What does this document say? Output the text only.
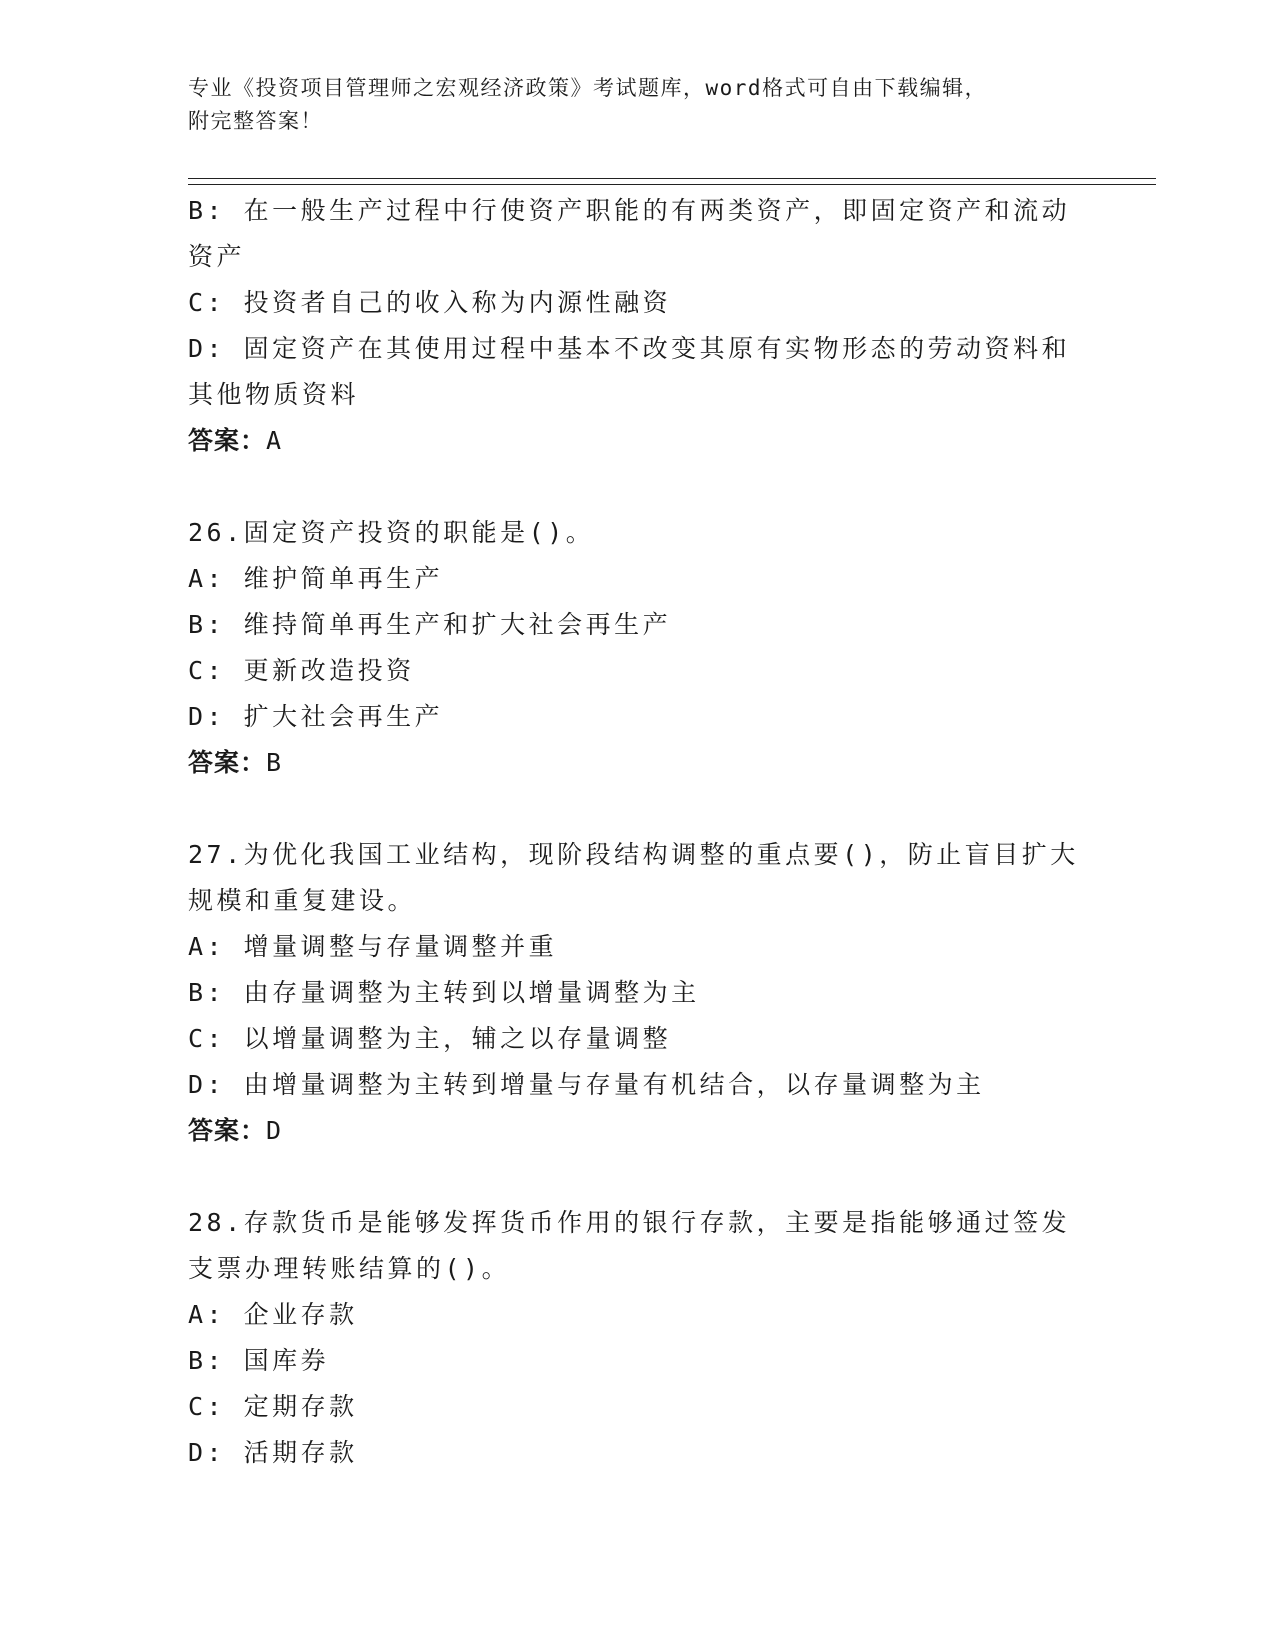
专业《投资项目管理师之宏观经济政策》考试题库，word格式可自由下载编辑，
附完整答案！
B: 在一般生产过程中行使资产职能的有两类资产，即固定资产和流动资产
C: 投资者自己的收入称为内源性融资
D: 固定资产在其使用过程中基本不改变其原有实物形态的劳动资料和其他物质资料
答案：A
26.固定资产投资的职能是()。
A: 维护简单再生产
B: 维持简单再生产和扩大社会再生产
C: 更新改造投资
D: 扩大社会再生产
答案：B
27.为优化我国工业结构，现阶段结构调整的重点要()，防止盲目扩大规模和重复建设。
A: 增量调整与存量调整并重
B: 由存量调整为主转到以增量调整为主
C: 以增量调整为主，辅之以存量调整
D: 由增量调整为主转到增量与存量有机结合，以存量调整为主
答案：D
28.存款货币是能够发挥货币作用的银行存款，主要是指能够通过签发支票办理转账结算的()。
A: 企业存款
B: 国库券
C: 定期存款
D: 活期存款
